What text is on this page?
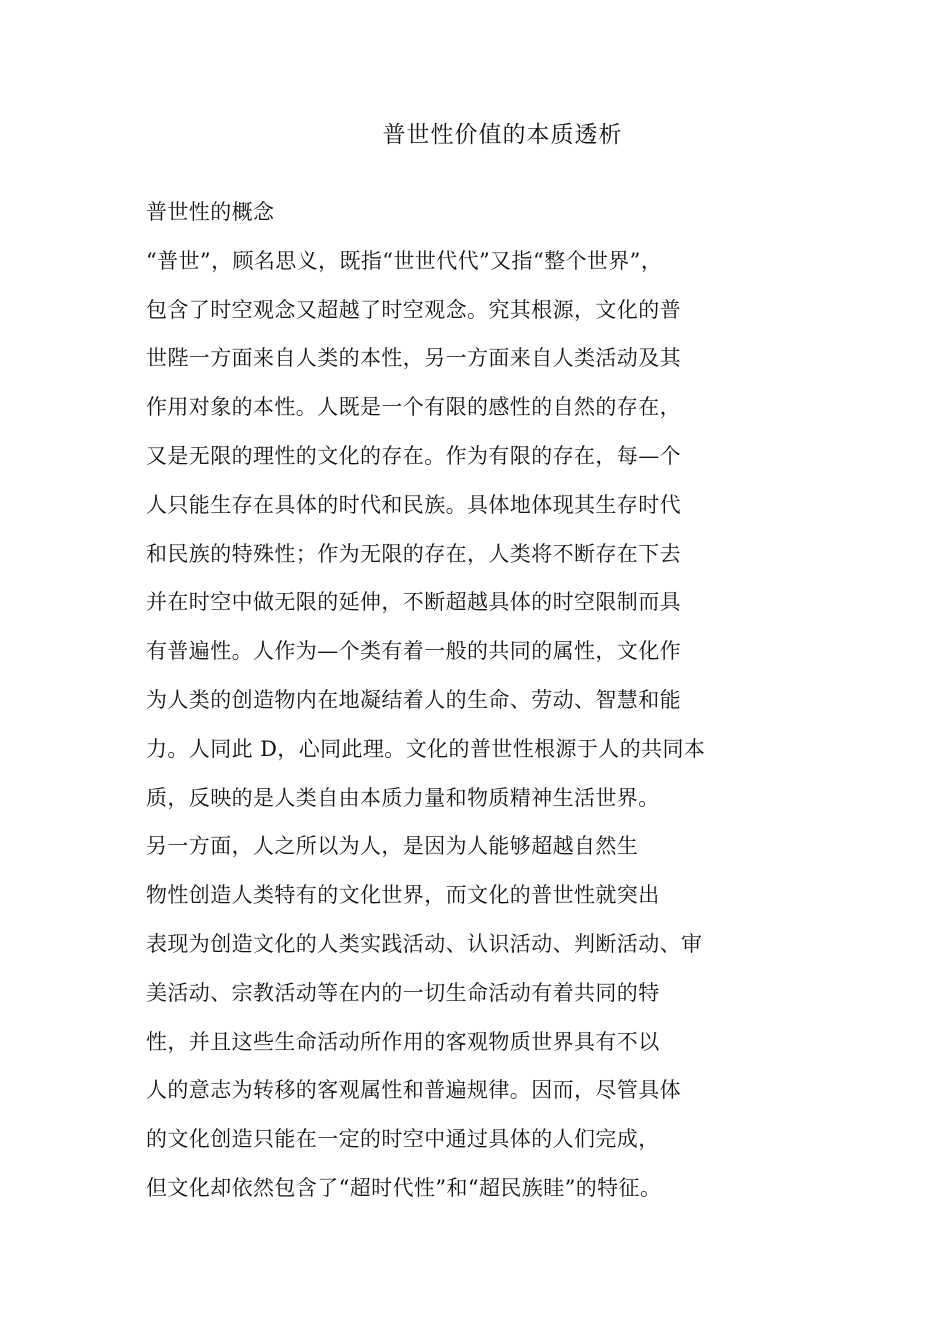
普世性价值的本质透析
普世性的概念
“普世”，顾名思义，既指“世世代代”又指“整个世界”，
包含了时空观念又超越了时空观念。究其根源，文化的普
世陛一方面来自人类的本性，另一方面来自人类活动及其
作用对象的本性。人既是一个有限的感性的自然的存在，
又是无限的理性的文化的存在。作为有限的存在，每—个
人只能生存在具体的时代和民族。具体地体现其生存时代
和民族的特殊性；作为无限的存在，人类将不断存在下去
并在时空中做无限的延伸，不断超越具体的时空限制而具
有普遍性。人作为—个类有着一般的共同的属性，文化作
为人类的创造物内在地凝结着人的生命、劳动、智慧和能
力。人同此 D，心同此理。文化的普世性根源于人的共同本
质，反映的是人类自由本质力量和物质精神生活世界。
另一方面，人之所以为人，是因为人能够超越自然生
物性创造人类特有的文化世界，而文化的普世性就突出
表现为创造文化的人类实践活动、认识活动、判断活动、审
美活动、宗教活动等在内的一切生命活动有着共同的特
性，并且这些生命活动所作用的客观物质世界具有不以
人的意志为转移的客观属性和普遍规律。因而，尽管具体
的文化创造只能在一定的时空中通过具体的人们完成，
但文化却依然包含了“超时代性”和“超民族眭”的特征。
